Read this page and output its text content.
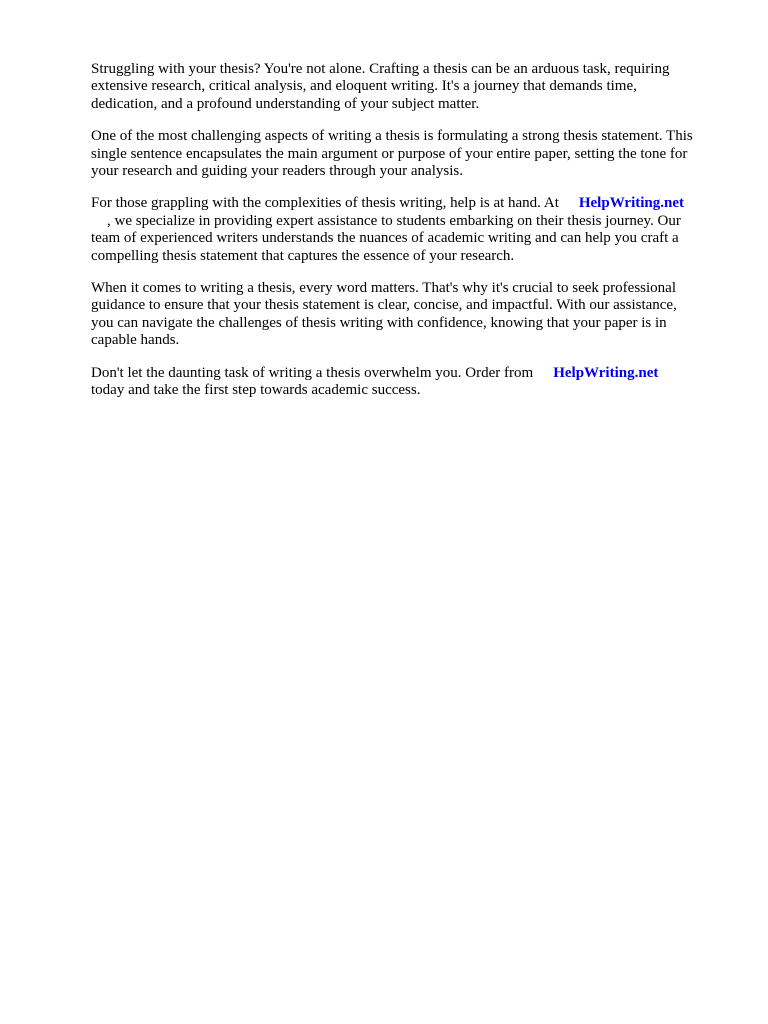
Struggling with your thesis? You're not alone. Crafting a thesis can be an arduous task, requiring
extensive research, critical analysis, and eloquent writing. It's a journey that demands time,
dedication, and a profound understanding of your subject matter.

One of the most challenging aspects of writing a thesis is formulating a strong thesis statement. This
single sentence encapsulates the main argument or purpose of your entire paper, setting the tone for
your research and guiding your readers through your analysis.

For those grappling with the complexities of thesis writing, help is at hand. At HelpWriting.net
, we specialize in providing expert assistance to students embarking on their thesis journey. Our
team of experienced writers understands the nuances of academic writing and can help you craft a
compelling thesis statement that captures the essence of your research.

When it comes to writing a thesis, every word matters. That's why it's crucial to seek professional
guidance to ensure that your thesis statement is clear, concise, and impactful. With our assistance,
you can navigate the challenges of thesis writing with confidence, knowing that your paper is in
capable hands.

Don't let the daunting task of writing a thesis overwhelm you. Order from HelpWriting.net
today and take the first step towards academic success.
